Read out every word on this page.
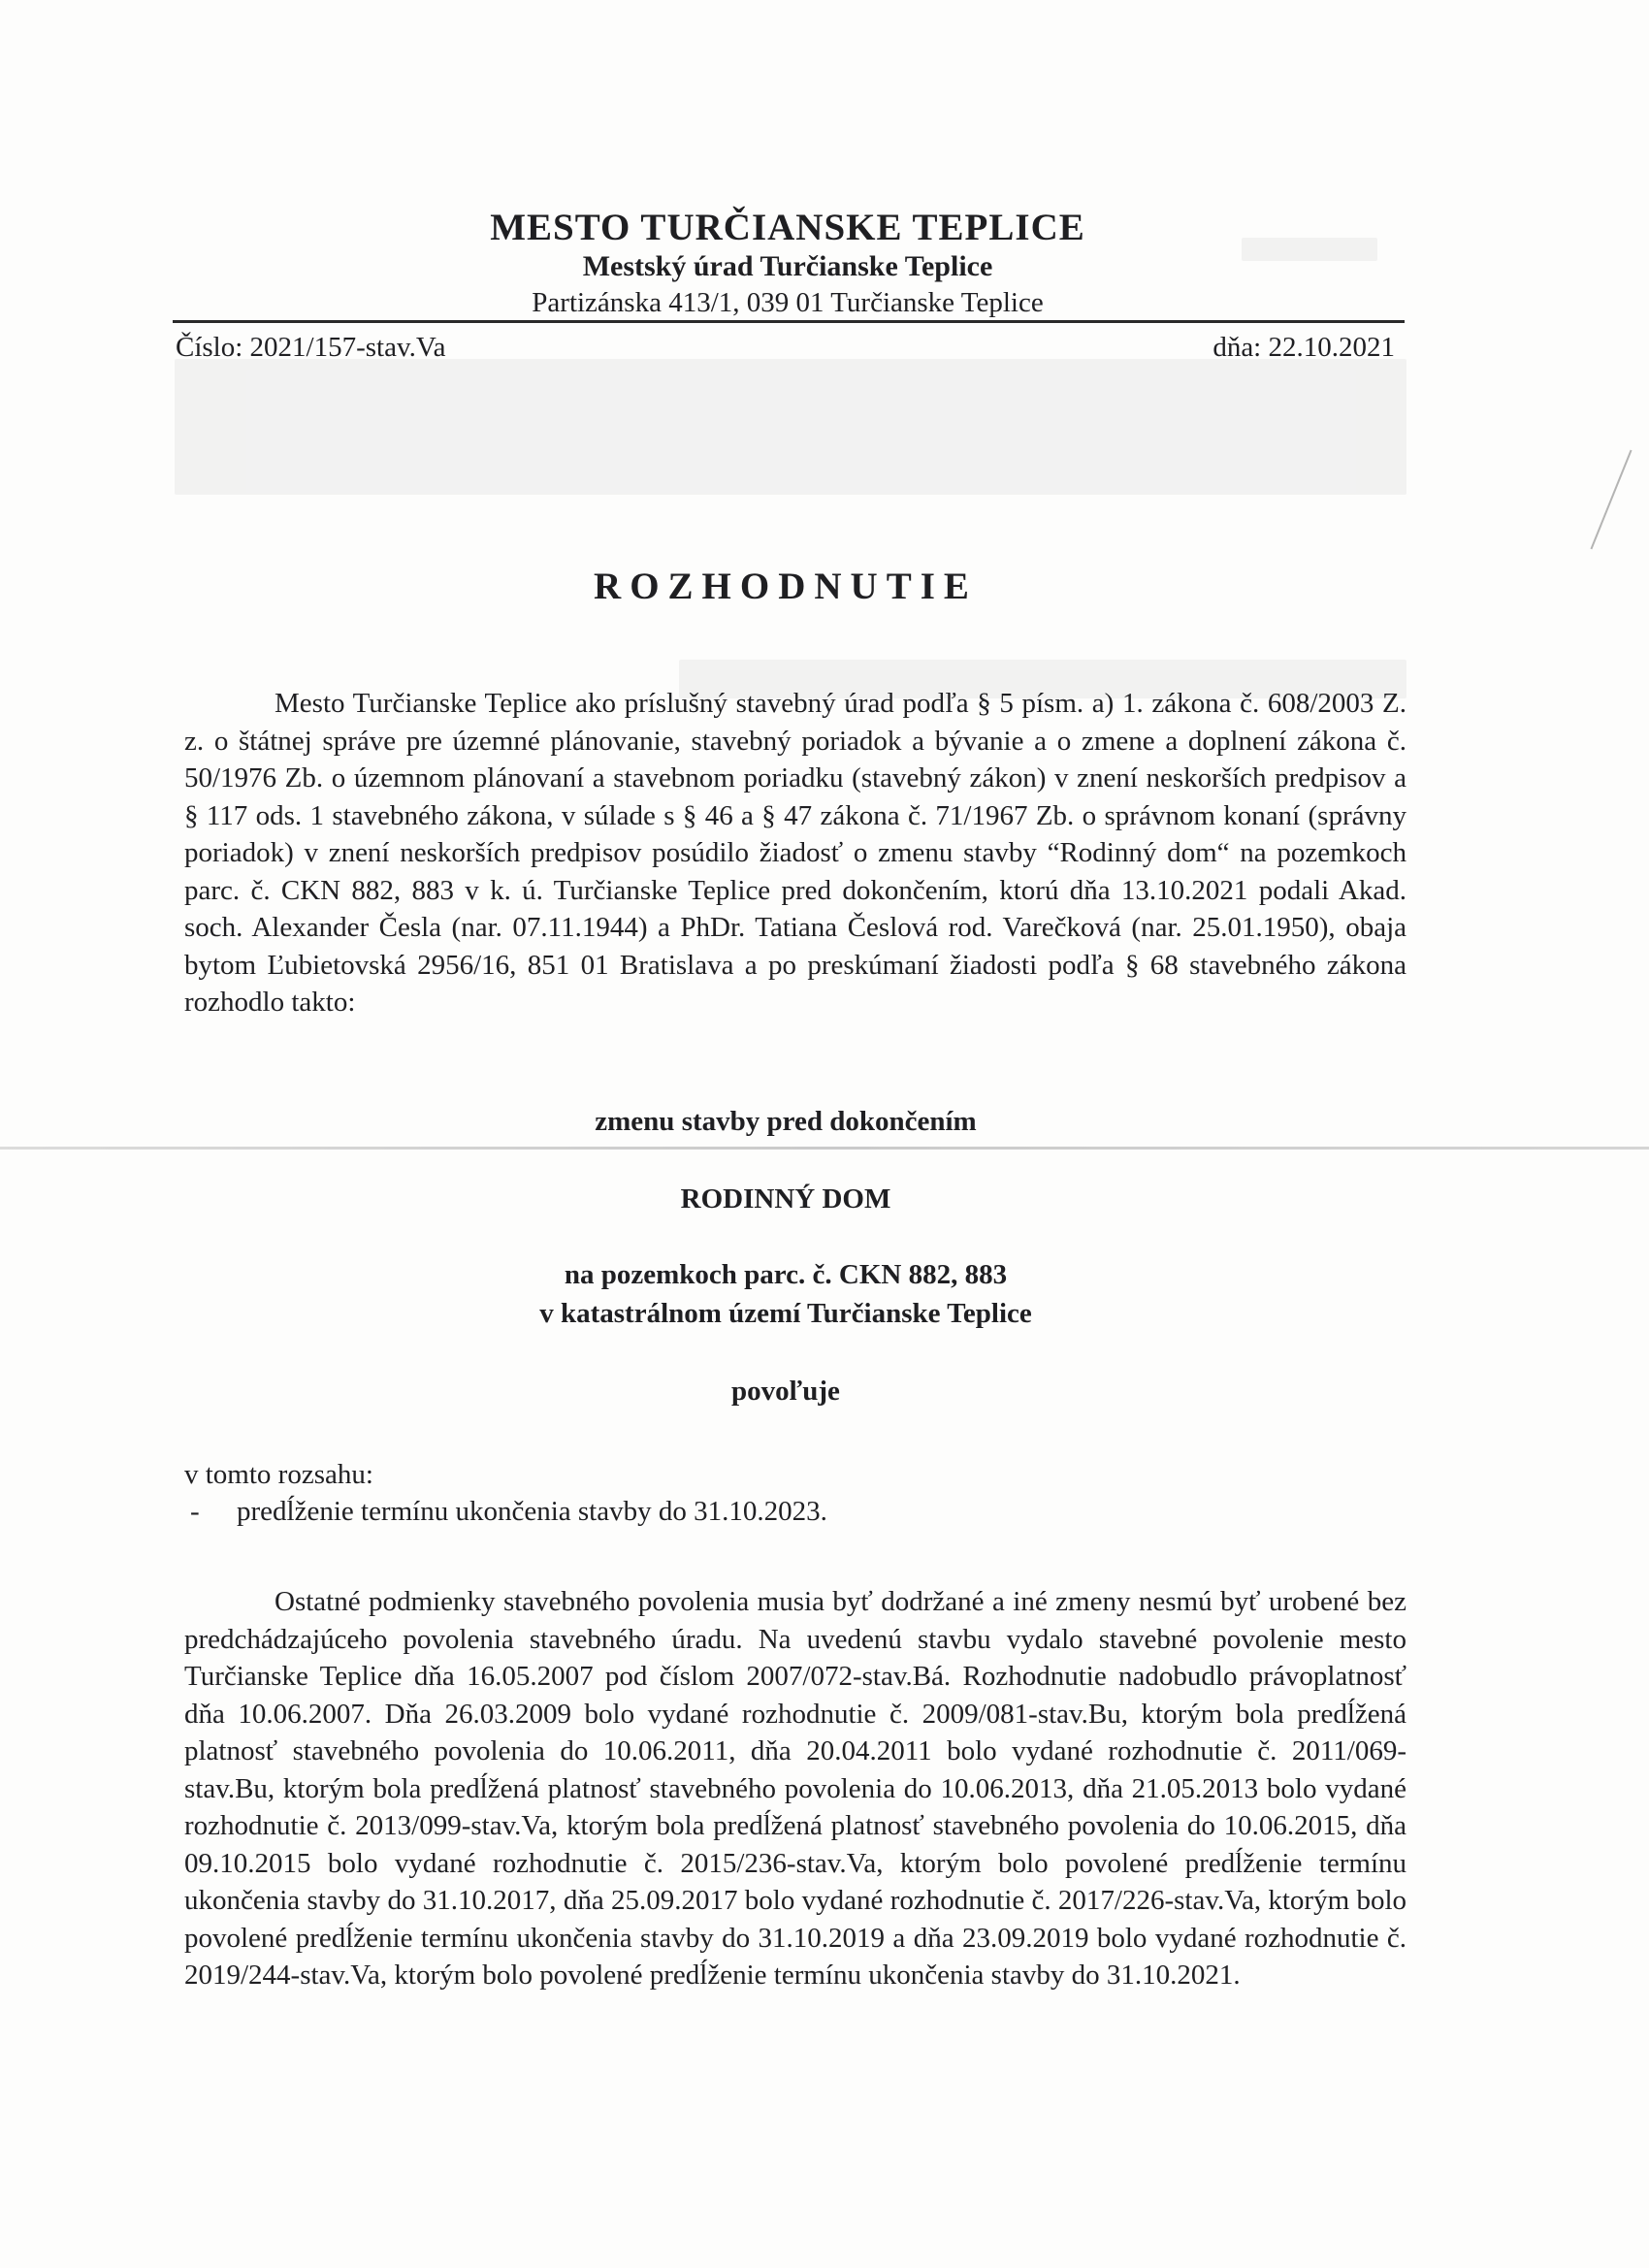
MESTO TURČIANSKE TEPLICE
Mestský úrad Turčianske Teplice
Partizánska 413/1, 039 01 Turčianske Teplice
Číslo: 2021/157-stav.Va	dňa: 22.10.2021
ROZHODNUTIE

Mesto Turčianske Teplice ako príslušný stavebný úrad podľa § 5 písm. a) 1. zákona č. 608/2003 Z. z. o štátnej správe pre územné plánovanie, stavebný poriadok a bývanie a o zmene a doplnení zákona č. 50/1976 Zb. o územnom plánovaní a stavebnom poriadku (stavebný zákon) v znení neskorších predpisov a § 117 ods. 1 stavebného zákona, v súlade s § 46 a § 47 zákona č. 71/1967 Zb. o správnom konaní (správny poriadok) v znení neskorších predpisov posúdilo žiadosť o zmenu stavby “Rodinný dom“ na pozemkoch parc. č. CKN 882, 883 v k. ú. Turčianske Teplice pred dokončením, ktorú dňa 13.10.2021 podali Akad. soch. Alexander Česla (nar. 07.11.1944) a PhDr. Tatiana Česlová rod. Varečková (nar. 25.01.1950), obaja bytom Ľubietovská 2956/16, 851 01 Bratislava a po preskúmaní žiadosti podľa § 68 stavebného zákona rozhodlo takto:

zmenu stavby pred dokončením
RODINNÝ DOM
na pozemkoch parc. č. CKN 882, 883
v katastrálnom území Turčianske Teplice
povoľuje
v tomto rozsahu:
- predĺženie termínu ukončenia stavby do 31.10.2023.

Ostatné podmienky stavebného povolenia musia byť dodržané a iné zmeny nesmú byť urobené bez predchádzajúceho povolenia stavebného úradu. Na uvedenú stavbu vydalo stavebné povolenie mesto Turčianske Teplice dňa 16.05.2007 pod číslom 2007/072-stav.Bá. Rozhodnutie nadobudlo právoplatnosť dňa 10.06.2007. Dňa 26.03.2009 bolo vydané rozhodnutie č. 2009/081-stav.Bu, ktorým bola predĺžená platnosť stavebného povolenia do 10.06.2011, dňa 20.04.2011 bolo vydané rozhodnutie č. 2011/069-stav.Bu, ktorým bola predĺžená platnosť stavebného povolenia do 10.06.2013, dňa 21.05.2013 bolo vydané rozhodnutie č. 2013/099-stav.Va, ktorým bola predĺžená platnosť stavebného povolenia do 10.06.2015, dňa 09.10.2015 bolo vydané rozhodnutie č. 2015/236-stav.Va, ktorým bolo povolené predĺženie termínu ukončenia stavby do 31.10.2017, dňa 25.09.2017 bolo vydané rozhodnutie č. 2017/226-stav.Va, ktorým bolo povolené predĺženie termínu ukončenia stavby do 31.10.2019 a dňa 23.09.2019 bolo vydané rozhodnutie č. 2019/244-stav.Va, ktorým bolo povolené predĺženie termínu ukončenia stavby do 31.10.2021.
